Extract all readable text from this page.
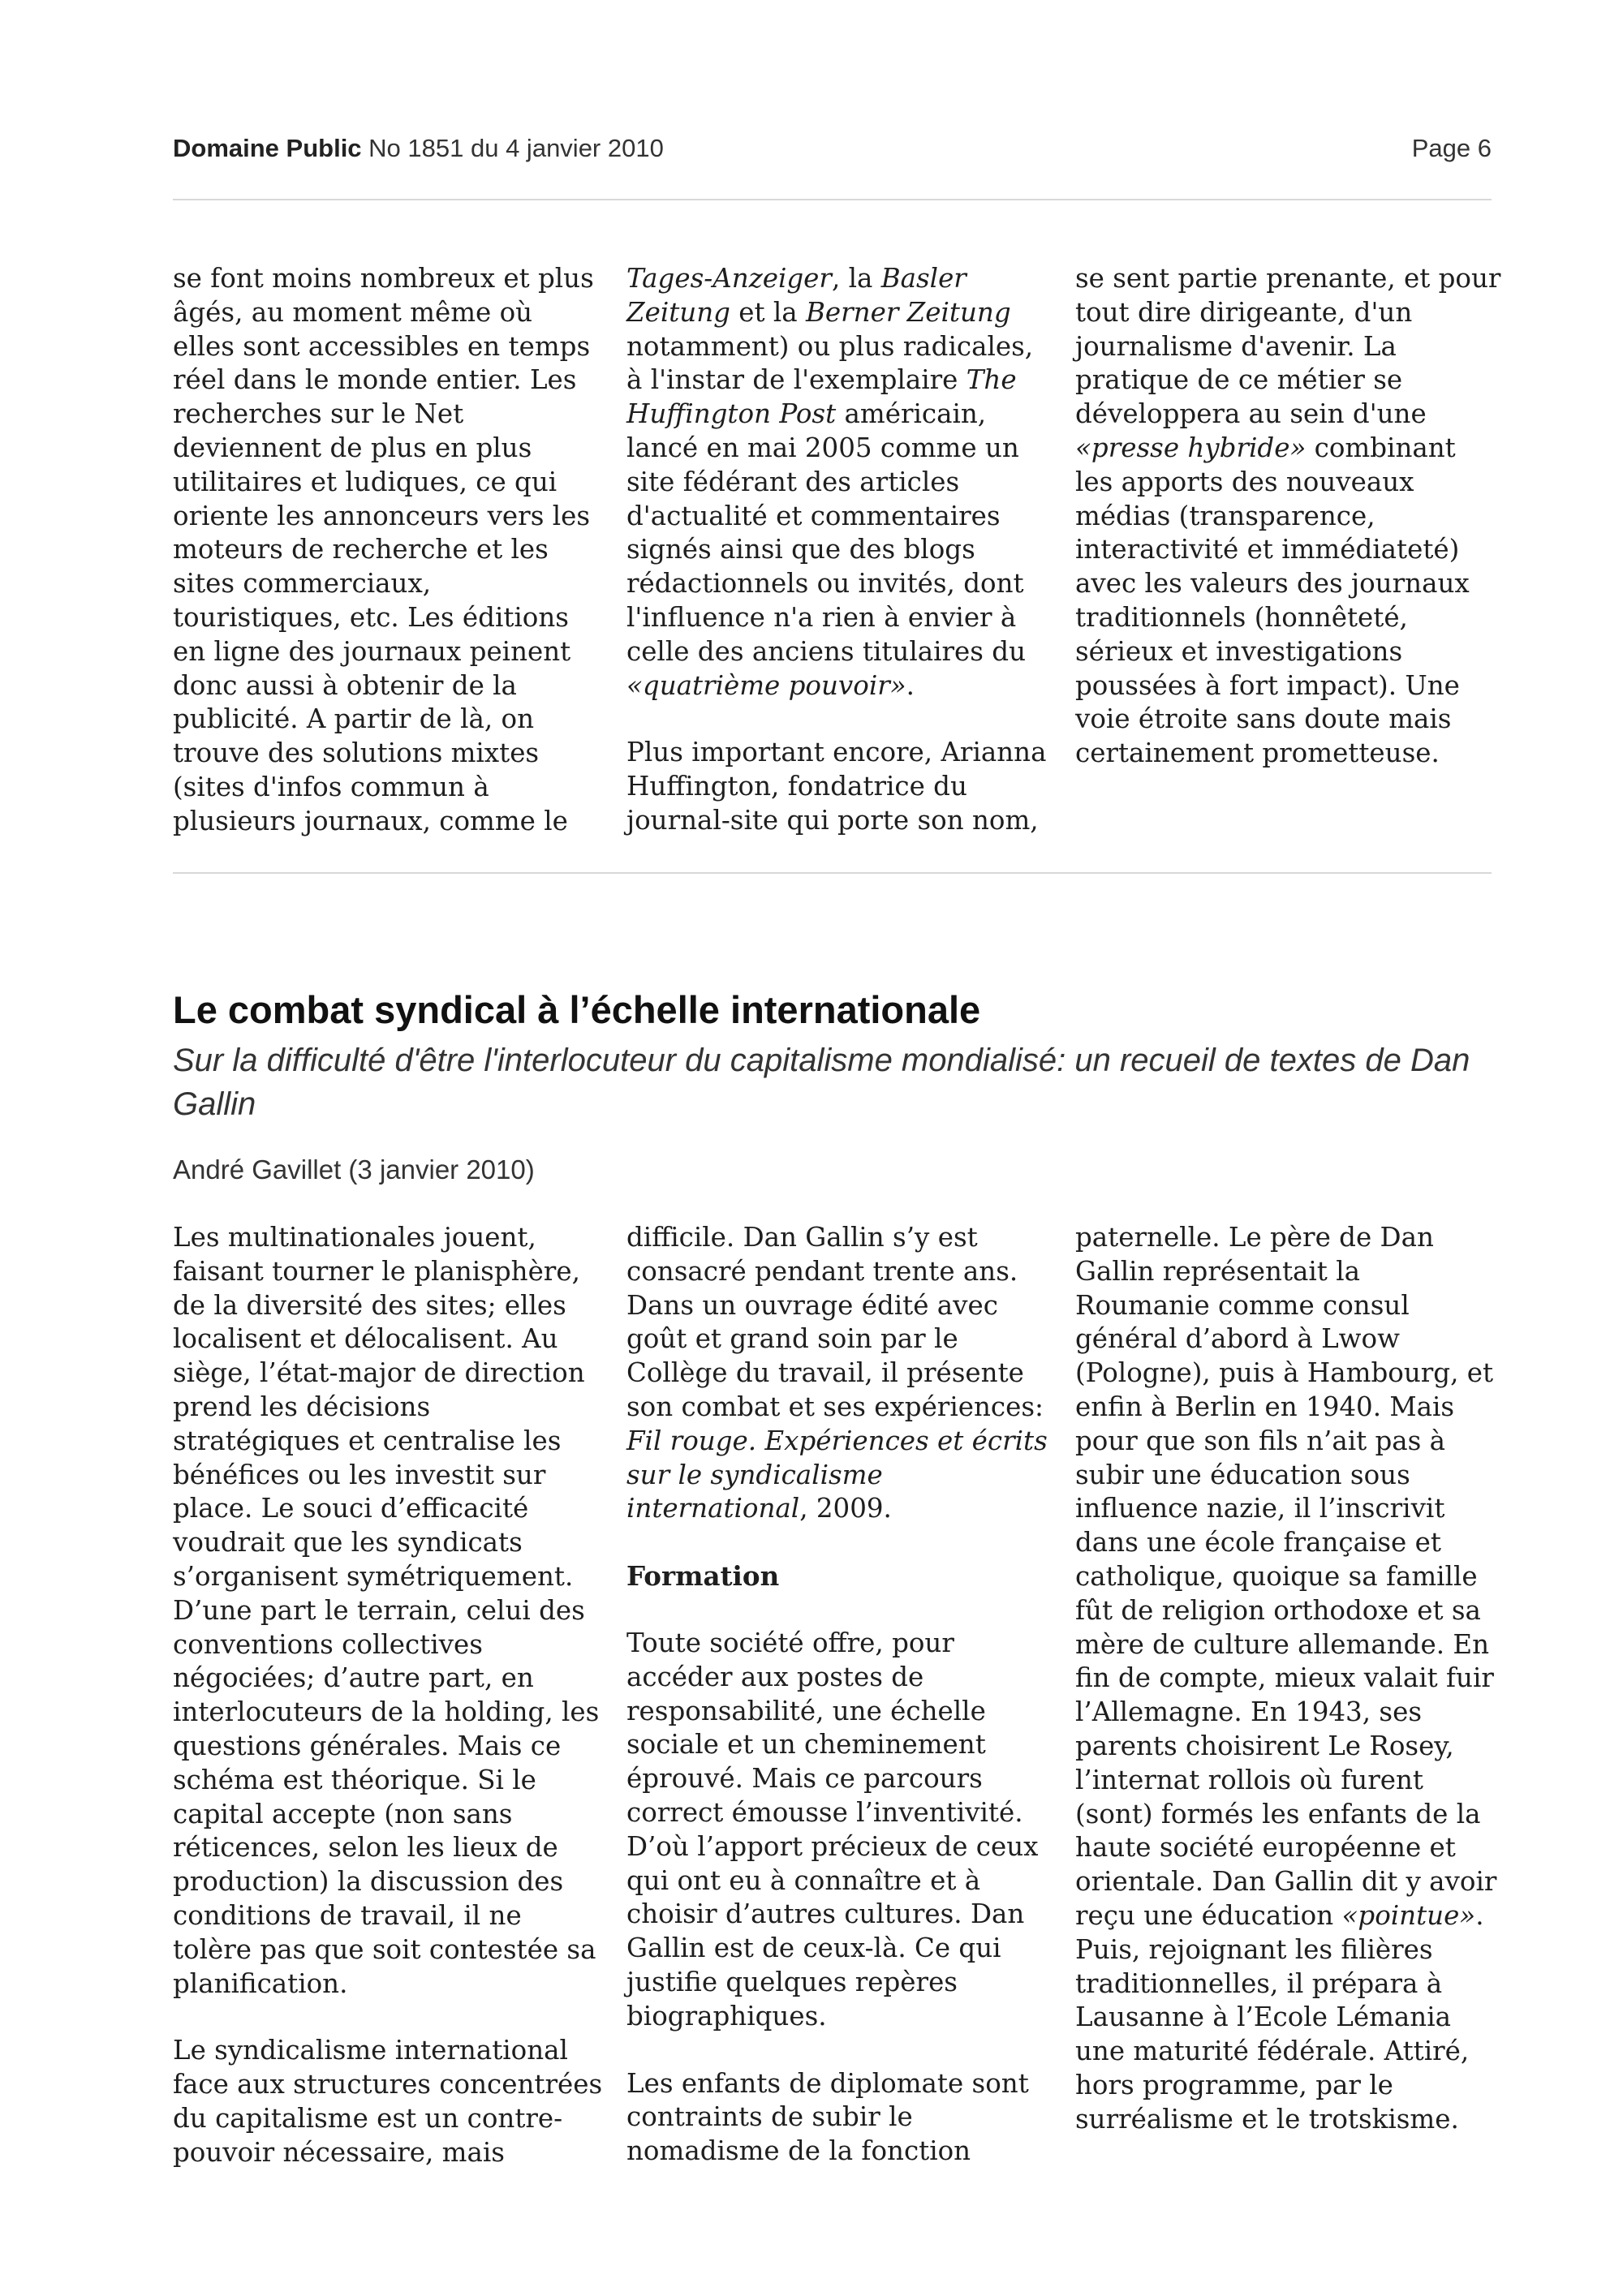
Domaine Public No 1851 du 4 janvier 2010	Page 6

se font moins nombreux et plus
âgés, au moment même où
elles sont accessibles en temps
réel dans le monde entier. Les
recherches sur le Net
deviennent de plus en plus
utilitaires et ludiques, ce qui
oriente les annonceurs vers les
moteurs de recherche et les
sites commerciaux,
touristiques, etc. Les éditions
en ligne des journaux peinent
donc aussi à obtenir de la
publicité. A partir de là, on
trouve des solutions mixtes
(sites d'infos commun à
plusieurs journaux, comme le

Tages-Anzeiger, la Basler
Zeitung et la Berner Zeitung
notamment) ou plus radicales,
à l'instar de l'exemplaire The
Huffington Post américain,
lancé en mai 2005 comme un
site fédérant des articles
d'actualité et commentaires
signés ainsi que des blogs
rédactionnels ou invités, dont
l'influence n'a rien à envier à
celle des anciens titulaires du
«quatrième pouvoir».

Plus important encore, Arianna
Huffington, fondatrice du
journal-site qui porte son nom,

se sent partie prenante, et pour
tout dire dirigeante, d'un
journalisme d'avenir. La
pratique de ce métier se
développera au sein d'une
«presse hybride» combinant
les apports des nouveaux
médias (transparence,
interactivité et immédiateté)
avec les valeurs des journaux
traditionnels (honnêteté,
sérieux et investigations
poussées à fort impact). Une
voie étroite sans doute mais
certainement prometteuse.

Le combat syndical à l’échelle internationale
Sur la difficulté d'être l'interlocuteur du capitalisme mondialisé: un recueil de textes de Dan Gallin

André Gavillet (3 janvier 2010)

Les multinationales jouent,
faisant tourner le planisphère,
de la diversité des sites; elles
localisent et délocalisent. Au
siège, l’état-major de direction
prend les décisions
stratégiques et centralise les
bénéfices ou les investit sur
place. Le souci d’efficacité
voudrait que les syndicats
s’organisent symétriquement.
D’une part le terrain, celui des
conventions collectives
négociées; d’autre part, en
interlocuteurs de la holding, les
questions générales. Mais ce
schéma est théorique. Si le
capital accepte (non sans
réticences, selon les lieux de
production) la discussion des
conditions de travail, il ne
tolère pas que soit contestée sa
planification.

Le syndicalisme international
face aux structures concentrées
du capitalisme est un contre-
pouvoir nécessaire, mais

difficile. Dan Gallin s’y est
consacré pendant trente ans.
Dans un ouvrage édité avec
goût et grand soin par le
Collège du travail, il présente
son combat et ses expériences:
Fil rouge. Expériences et écrits
sur le syndicalisme
international, 2009.

Formation

Toute société offre, pour
accéder aux postes de
responsabilité, une échelle
sociale et un cheminement
éprouvé. Mais ce parcours
correct émousse l’inventivité.
D’où l’apport précieux de ceux
qui ont eu à connaître et à
choisir d’autres cultures. Dan
Gallin est de ceux-là. Ce qui
justifie quelques repères
biographiques.

Les enfants de diplomate sont
contraints de subir le
nomadisme de la fonction

paternelle. Le père de Dan
Gallin représentait la
Roumanie comme consul
général d’abord à Lwow
(Pologne), puis à Hambourg, et
enfin à Berlin en 1940. Mais
pour que son fils n’ait pas à
subir une éducation sous
influence nazie, il l’inscrivit
dans une école française et
catholique, quoique sa famille
fût de religion orthodoxe et sa
mère de culture allemande. En
fin de compte, mieux valait fuir
l’Allemagne. En 1943, ses
parents choisirent Le Rosey,
l’internat rollois où furent
(sont) formés les enfants de la
haute société européenne et
orientale. Dan Gallin dit y avoir
reçu une éducation «pointue».
Puis, rejoignant les filières
traditionnelles, il prépara à
Lausanne à l’Ecole Lémania
une maturité fédérale. Attiré,
hors programme, par le
surréalisme et le trotskisme.
